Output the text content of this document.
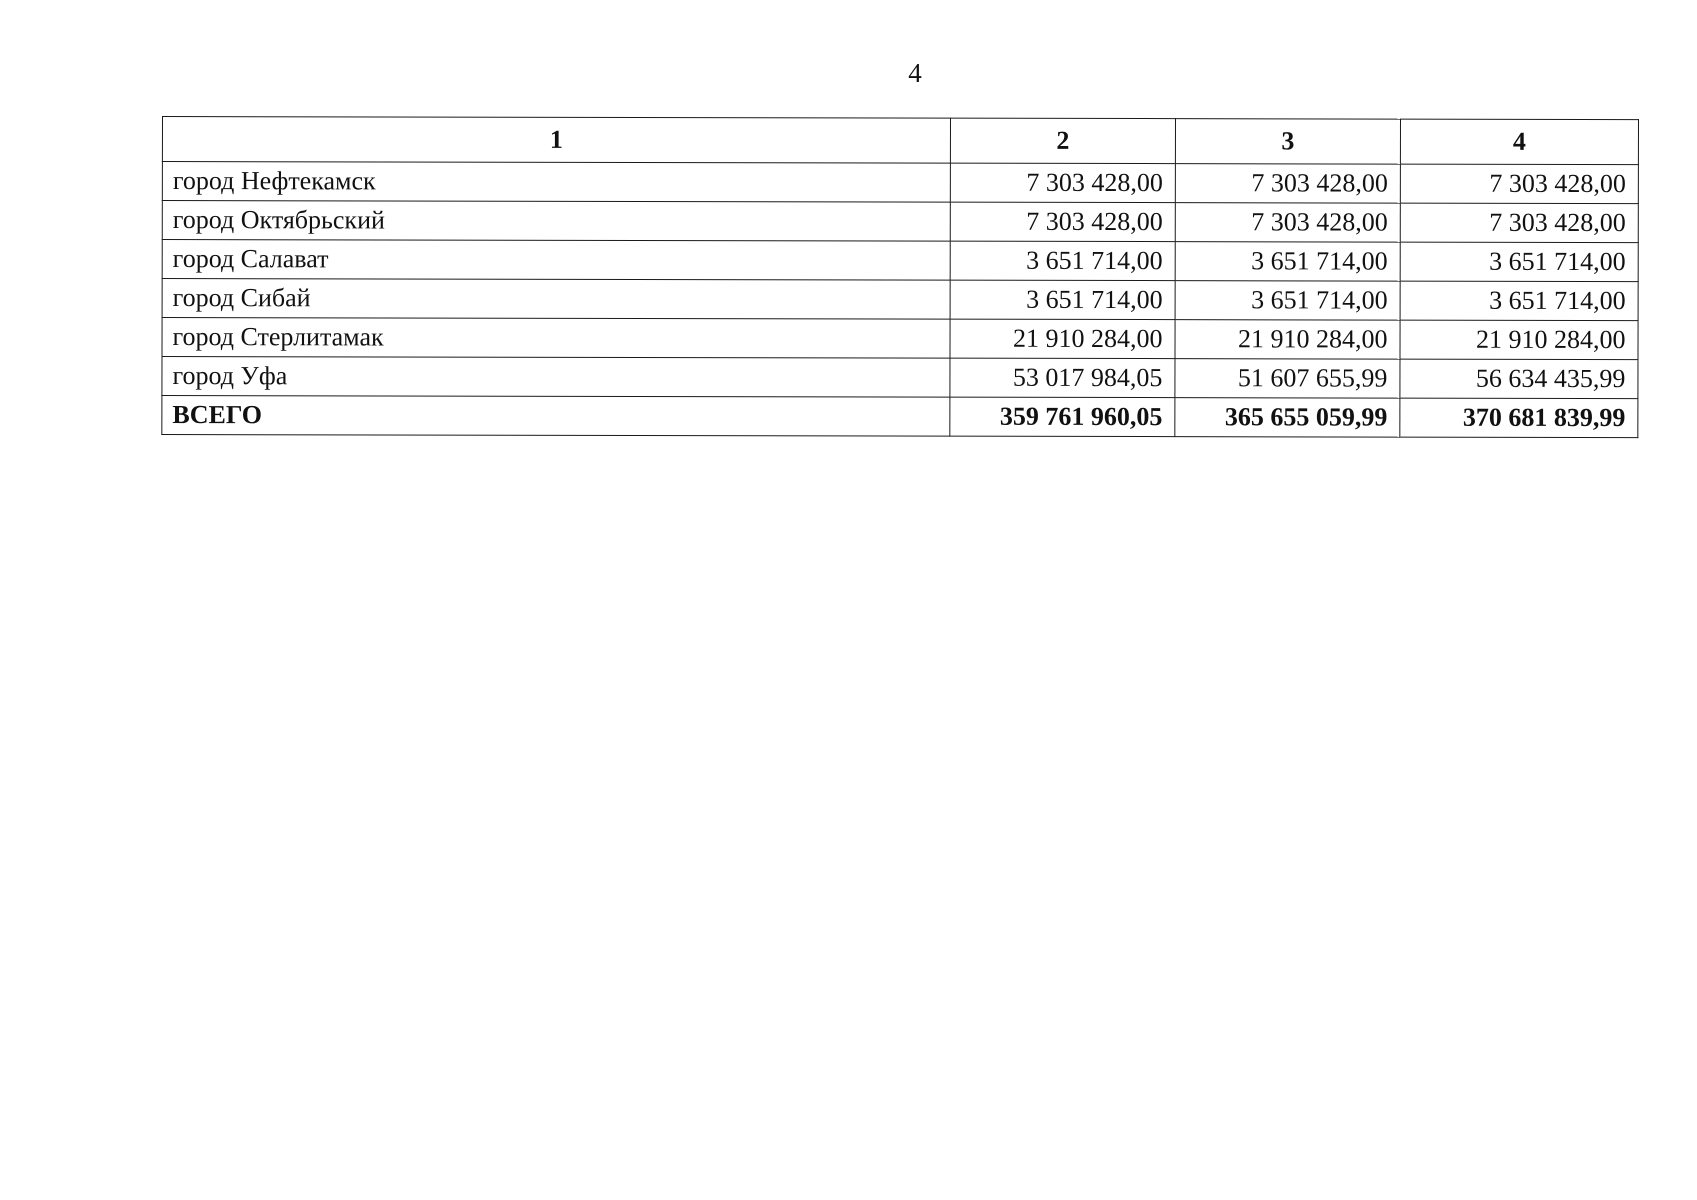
4
1	2	3	4
город Нефтекамск	7 303 428,00	7 303 428,00	7 303 428,00
город Октябрьский	7 303 428,00	7 303 428,00	7 303 428,00
город Салават	3 651 714,00	3 651 714,00	3 651 714,00
город Сибай	3 651 714,00	3 651 714,00	3 651 714,00
город Стерлитамак	21 910 284,00	21 910 284,00	21 910 284,00
город Уфа	53 017 984,05	51 607 655,99	56 634 435,99
ВСЕГО	359 761 960,05	365 655 059,99	370 681 839,99
